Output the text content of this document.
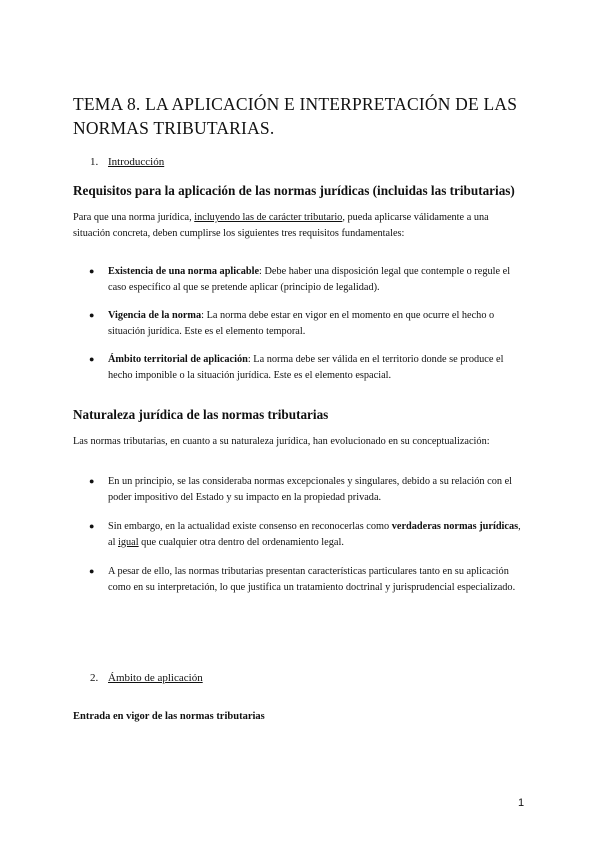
TEMA 8. LA APLICACIÓN E INTERPRETACIÓN DE LAS NORMAS TRIBUTARIAS.
1. Introducción
Requisitos para la aplicación de las normas jurídicas (incluidas las tributarias)

Para que una norma jurídica, incluyendo las de carácter tributario, pueda aplicarse válidamente a una situación concreta, deben cumplirse los siguientes tres requisitos fundamentales:

● Existencia de una norma aplicable: Debe haber una disposición legal que contemple o regule el caso específico al que se pretende aplicar (principio de legalidad).
● Vigencia de la norma: La norma debe estar en vigor en el momento en que ocurre el hecho o situación jurídica. Este es el elemento temporal.
● Ámbito territorial de aplicación: La norma debe ser válida en el territorio donde se produce el hecho imponible o la situación jurídica. Este es el elemento espacial.
Naturaleza jurídica de las normas tributarias

Las normas tributarias, en cuanto a su naturaleza jurídica, han evolucionado en su conceptualización:

● En un principio, se las consideraba normas excepcionales y singulares, debido a su relación con el poder impositivo del Estado y su impacto en la propiedad privada.
● Sin embargo, en la actualidad existe consenso en reconocerlas como verdaderas normas jurídicas, al igual que cualquier otra dentro del ordenamiento legal.
● A pesar de ello, las normas tributarias presentan características particulares tanto en su aplicación como en su interpretación, lo que justifica un tratamiento doctrinal y jurisprudencial especializado.
2. Ámbito de aplicación
Entrada en vigor de las normas tributarias
1
